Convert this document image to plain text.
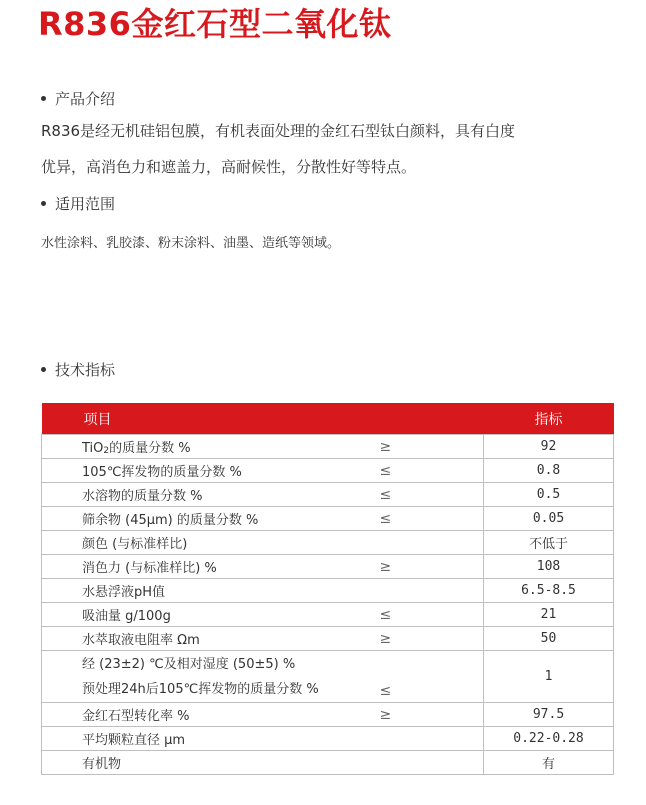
R836金红石型二氧化钛
产品介绍
R836是经无机硅铝包膜，有机表面处理的金红石型钛白颜料，具有白度
优异，高消色力和遮盖力，高耐候性，分散性好等特点。
适用范围
水性涂料、乳胶漆、粉末涂料、油墨、造纸等领域。
技术指标
项目		指标
TiO2的质量分数 %	≥	92
105℃挥发物的质量分数 %	≤	0.8
水溶物的质量分数 %	≤	0.5
筛余物 (45μm) 的质量分数 %	≤	0.05
颜色 (与标准样比)		不低于
消色力 (与标准样比) %	≥	108
水悬浮液pH值		6.5-8.5
吸油量 g/100g	≤	21
水萃取液电阻率 Ωm	≥	50

经 (23±2) ℃及相对湿度 (50±5) %
预处理24h后105℃挥发物的质量分数 %	≤	1
金红石型转化率 %	≥	97.5
平均颗粒直径 μm		0.22-0.28
有机物		有
